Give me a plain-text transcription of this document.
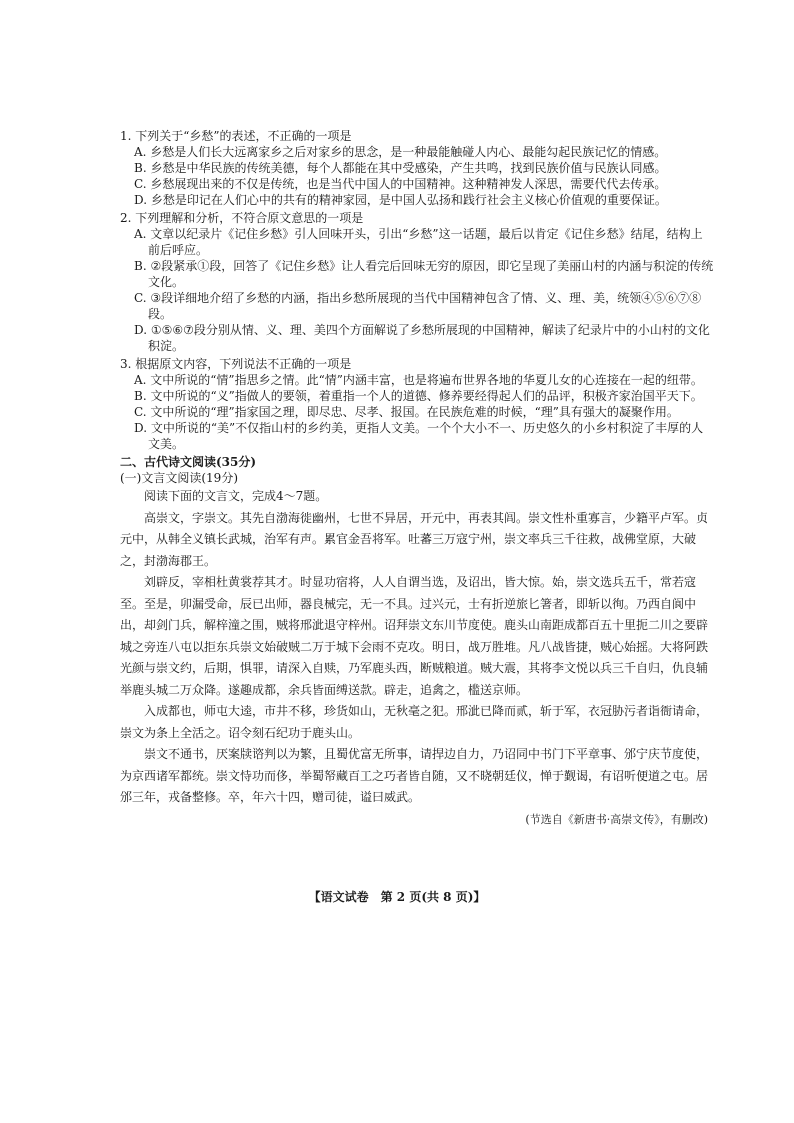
1. 下列关于“乡愁”的表述，不正确的一项是
A. 乡愁是人们长大远离家乡之后对家乡的思念，是一种最能触碰人内心、最能勾起民族记忆的情感。
B. 乡愁是中华民族的传统美德，每个人都能在其中受感染，产生共鸣，找到民族价值与民族认同感。
C. 乡愁展现出来的不仅是传统，也是当代中国人的中国精神。这种精神发人深思，需要代代去传承。
D. 乡愁是印记在人们心中的共有的精神家园，是中国人弘扬和践行社会主义核心价值观的重要保证。
2. 下列理解和分析，不符合原文意思的一项是
A. 文章以纪录片《记住乡愁》引人回味开头，引出“乡愁”这一话题，最后以肯定《记住乡愁》结尾，结构上前后呼应。
B. ②段紧承①段，回答了《记住乡愁》让人看完后回味无穷的原因，即它呈现了美丽山村的内涵与积淀的传统文化。
C. ③段详细地介绍了乡愁的内涵，指出乡愁所展现的当代中国精神包含了情、义、理、美，统领④⑤⑥⑦⑧段。
D. ①⑤⑥⑦段分别从情、义、理、美四个方面解说了乡愁所展现的中国精神，解读了纪录片中的小山村的文化积淀。
3. 根据原文内容，下列说法不正确的一项是
A. 文中所说的“情”指思乡之情。此“情”内涵丰富，也是将遍布世界各地的华夏儿女的心连接在一起的纽带。
B. 文中所说的“义”指做人的要领，着重指一个人的道德、修养要经得起人们的品评，积极齐家治国平天下。
C. 文中所说的“理”指家国之理，即尽忠、尽孝、报国。在民族危难的时候，“理”具有强大的凝聚作用。
D. 文中所说的“美”不仅指山村的乡约美，更指人文美。一个个大小不一、历史悠久的小乡村积淀了丰厚的人文美。
二、古代诗文阅读(35分)
(一)文言文阅读(19分)

阅读下面的文言文，完成4～7题。

高崇文，字崇文。其先自渤海徙幽州，七世不异居，开元中，再表其闾。崇文性朴重寡言，少籍平卢军。贞元中，从韩全义镇长武城，治军有声。累官金吾将军。吐蕃三万寇宁州，崇文率兵三千往救，战佛堂原，大破之，封渤海郡王。

刘辟反，宰相杜黄裳荐其才。时显功宿将，人人自谓当选，及诏出，皆大惊。始，崇文选兵五千，常若寇至。至是，卯漏受命，辰已出师，器良械完，无一不具。过兴元，士有折逆旅匕箸者，即斩以徇。乃西自阆中出，却剑门兵，解梓潼之围，贼将邢泚退守梓州。诏拜崇文东川节度使。鹿头山南距成都百五十里扼二川之要辟城之旁连八屯以拒东兵崇文始破贼二万于城下会雨不克攻。明日，战万胜堆。凡八战皆捷，贼心始摇。大将阿跌光颜与崇文约，后期，惧罪，请深入自赎，乃军鹿头西，断贼粮道。贼大震，其将李文悦以兵三千自归，仇良辅举鹿头城二万众降。遂趣成都，余兵皆面缚送款。辟走，追禽之，槛送京师。

入成都也，师屯大逵，市井不移，珍货如山，无秋毫之犯。邢泚已降而贰，斩于军，衣冠胁污者诣衙请命，崇文为条上全活之。诏令刻石纪功于鹿头山。

崇文不通书，厌案牍谘判以为繁，且蜀优富无所事，请捍边自力，乃诏同中书门下平章事、邠宁庆节度使，为京西诸军都统。崇文恃功而侈，举蜀帑藏百工之巧者皆自随，又不晓朝廷仪，惮于觐谒，有诏听便道之屯。居邠三年，戎备整修。卒，年六十四，赠司徒，谥曰威武。

(节选自《新唐书·高崇文传》，有删改)
【语文试卷　第 2 页(共 8 页)】
